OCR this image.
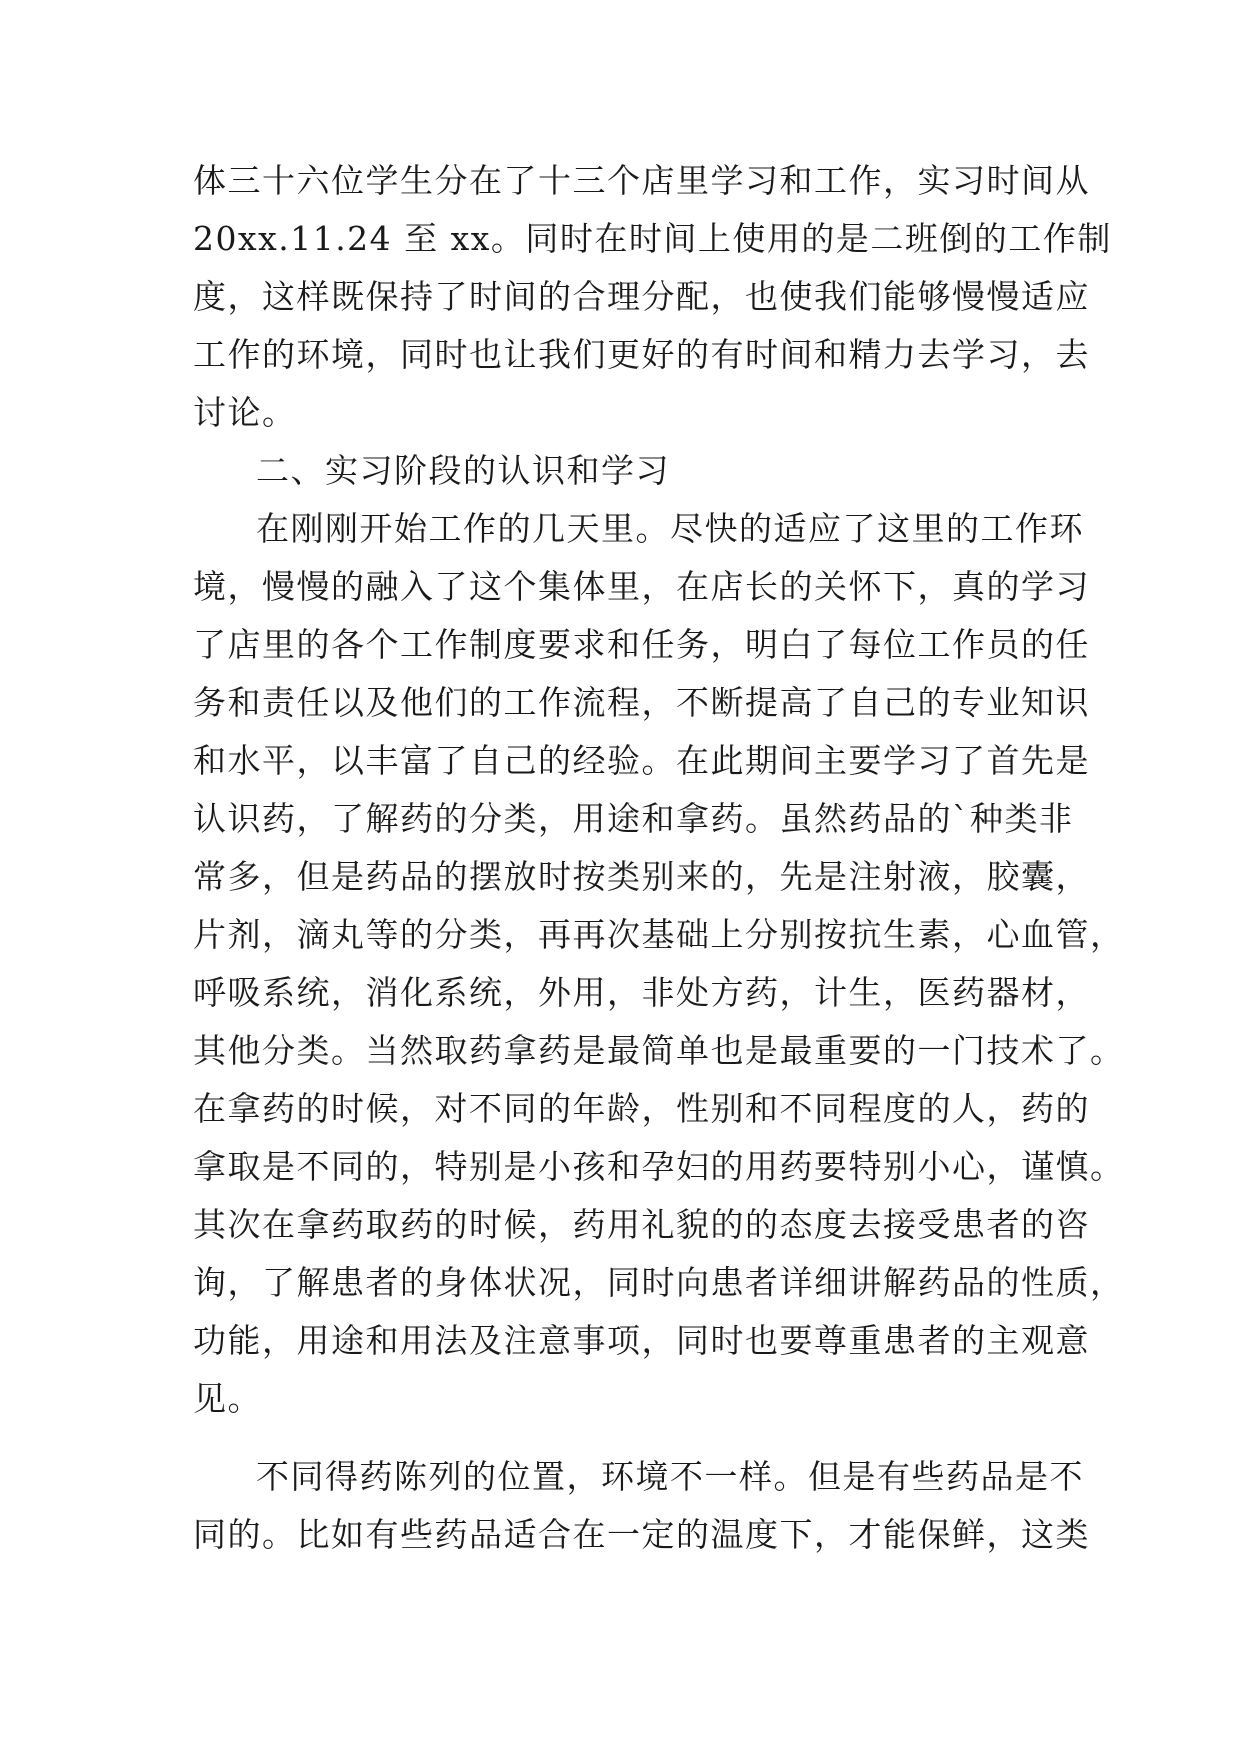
体三十六位学生分在了十三个店里学习和工作，实习时间从
20xx.11.24 至 xx。同时在时间上使用的是二班倒的工作制
度，这样既保持了时间的合理分配，也使我们能够慢慢适应
工作的环境，同时也让我们更好的有时间和精力去学习，去
讨论。
二、实习阶段的认识和学习
在刚刚开始工作的几天里。尽快的适应了这里的工作环
境，慢慢的融入了这个集体里，在店长的关怀下，真的学习
了店里的各个工作制度要求和任务，明白了每位工作员的任
务和责任以及他们的工作流程，不断提高了自己的专业知识
和水平，以丰富了自己的经验。在此期间主要学习了首先是
认识药，了解药的分类，用途和拿药。虽然药品的`种类非
常多，但是药品的摆放时按类别来的，先是注射液，胶囊，
片剂，滴丸等的分类，再再次基础上分别按抗生素，心血管，
呼吸系统，消化系统，外用，非处方药，计生，医药器材，
其他分类。当然取药拿药是最简单也是最重要的一门技术了。
在拿药的时候，对不同的年龄，性别和不同程度的人，药的
拿取是不同的，特别是小孩和孕妇的用药要特别小心，谨慎。
其次在拿药取药的时候，药用礼貌的的态度去接受患者的咨
询，了解患者的身体状况，同时向患者详细讲解药品的性质，
功能，用途和用法及注意事项，同时也要尊重患者的主观意
见。
不同得药陈列的位置，环境不一样。但是有些药品是不
同的。比如有些药品适合在一定的温度下，才能保鲜，这类
